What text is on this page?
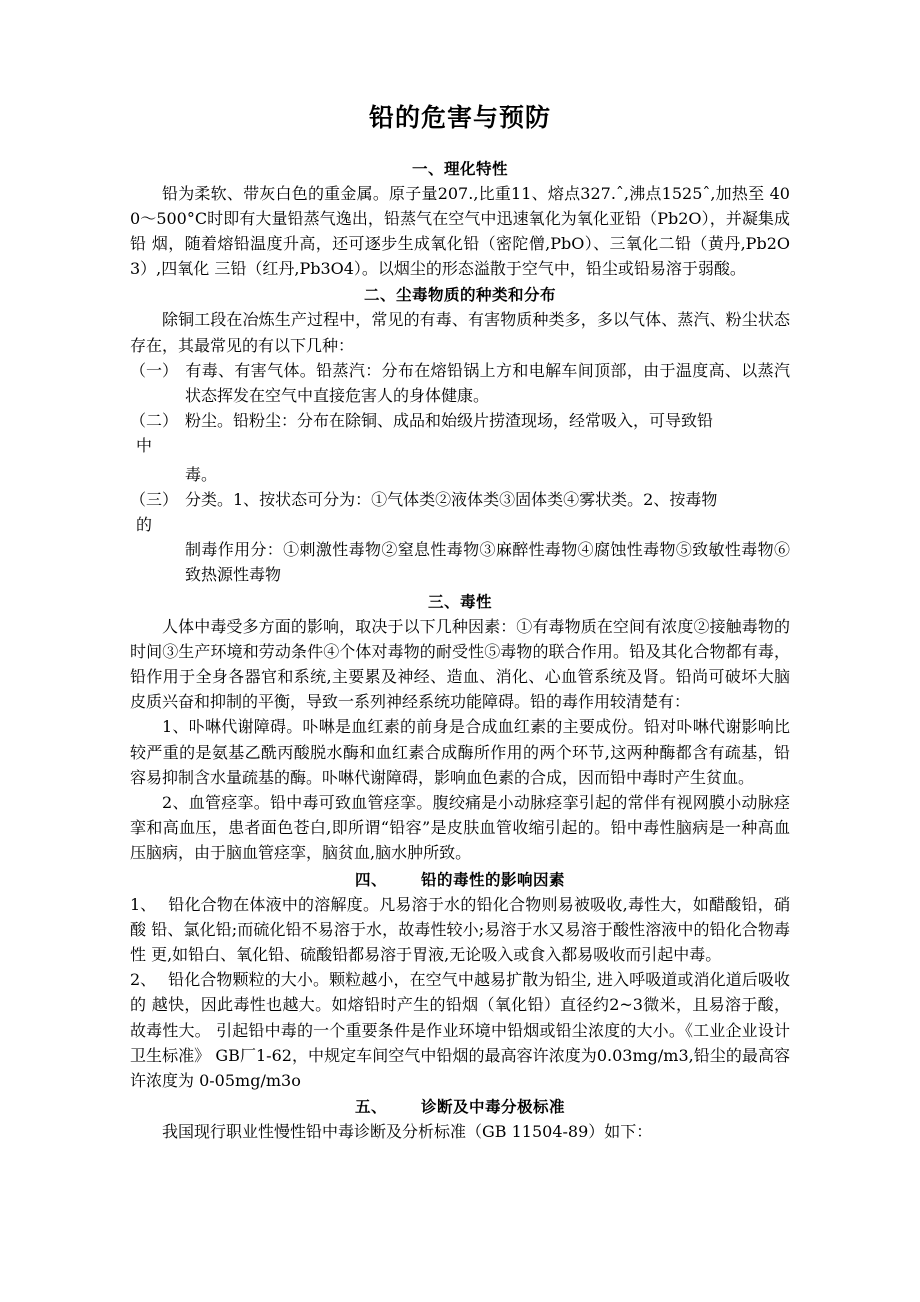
铅的危害与预防
一、理化特性

铅为柔软、带灰白色的重金属。原子量207.,比重11、熔点327.ˆ,沸点1525ˆ,加热至 400〜500°C时即有大量铅蒸气逸出，铅蒸气在空气中迅速氧化为氧化亚铅（Pb2O），并凝集成铅 烟，随着熔铅温度升高，还可逐步生成氧化铅（密陀僧,PbO）、三氧化二铅（黄丹,Pb2O3）,四氧化 三铅（红丹,Pb3O4）。以烟尘的形态溢散于空气中，铅尘或铅易溶于弱酸。

二、尘毒物质的种类和分布

除铜工段在冶炼生产过程中，常见的有毒、有害物质种类多，多以气体、蒸汽、粉尘状态存在，其最常见的有以下几种：

（一） 有毒、有害气体。铅蒸汽：分布在熔铅锅上方和电解车间顶部，由于温度高、以蒸汽状态挥发在空气中直接危害人的身体健康。

（二） 粉尘。铅粉尘：分布在除铜、成品和始级片捞渣现场，经常吸入，可导致铅

中

毒。

（三） 分类。1、按状态可分为：①气体类②液体类③固体类④雾状类。2、按毒物

的

制毒作用分：①刺激性毒物②窒息性毒物③麻醉性毒物④腐蚀性毒物⑤致敏性毒物⑥致热源性毒物

三、毒性

人体中毒受多方面的影响，取决于以下几种因素：①有毒物质在空间有浓度②接触毒物的时间③生产环境和劳动条件④个体对毒物的耐受性⑤毒物的联合作用。铅及其化合物都有毒，铅作用于全身各器官和系统,主要累及神经、造血、消化、心血管系统及肾。铅尚可破坏大脑皮质兴奋和抑制的平衡，导致一系列神经系统功能障碍。铅的毒作用较清楚有：

1、卟啉代谢障碍。卟啉是血红素的前身是合成血红素的主要成份。铅对卟啉代谢影响比较严重的是氨基乙酰丙酸脱水酶和血红素合成酶所作用的两个环节,这两种酶都含有疏基，铅容易抑制含水量疏基的酶。卟啉代谢障碍，影响血色素的合成，因而铅中毒时产生贫血。

2、血管痉挛。铅中毒可致血管痉挛。腹绞痛是小动脉痉挛引起的常伴有视网膜小动脉痉挛和高血压，患者面色苍白,即所谓“铅容”是皮肤血管收缩引起的。铅中毒性脑病是一种高血压脑病，由于脑血管痉挛，脑贫血,脑水肿所致。

四、 铅的毒性的影响因素

1、 铅化合物在体液中的溶解度。凡易溶于水的铅化合物则易被吸收,毒性大，如醋酸铅，硝酸 铅、氯化铅;而硫化铅不易溶于水，故毒性较小;易溶于水又易溶于酸性溶液中的铅化合物毒性 更,如铅白、氧化铅、硫酸铅都易溶于胃液,无论吸入或食入都易吸收而引起中毒。

2、 铅化合物颗粒的大小。颗粒越小，在空气中越易扩散为铅尘, 进入呼吸道或消化道后吸收的 越快，因此毒性也越大。如熔铅时产生的铅烟（氧化铅）直径约2~3微米，且易溶于酸，故毒性大。 引起铅中毒的一个重要条件是作业环境中铅烟或铅尘浓度的大小。《工业企业设计卫生标准》 GB厂1-62，中规定车间空气中铅烟的最高容许浓度为0.03mg/m3,铅尘的最高容许浓度为 0-05mg/m3o

五、 诊断及中毒分极标准

我国现行职业性慢性铅中毒诊断及分析标准（GB 11504-89）如下：
